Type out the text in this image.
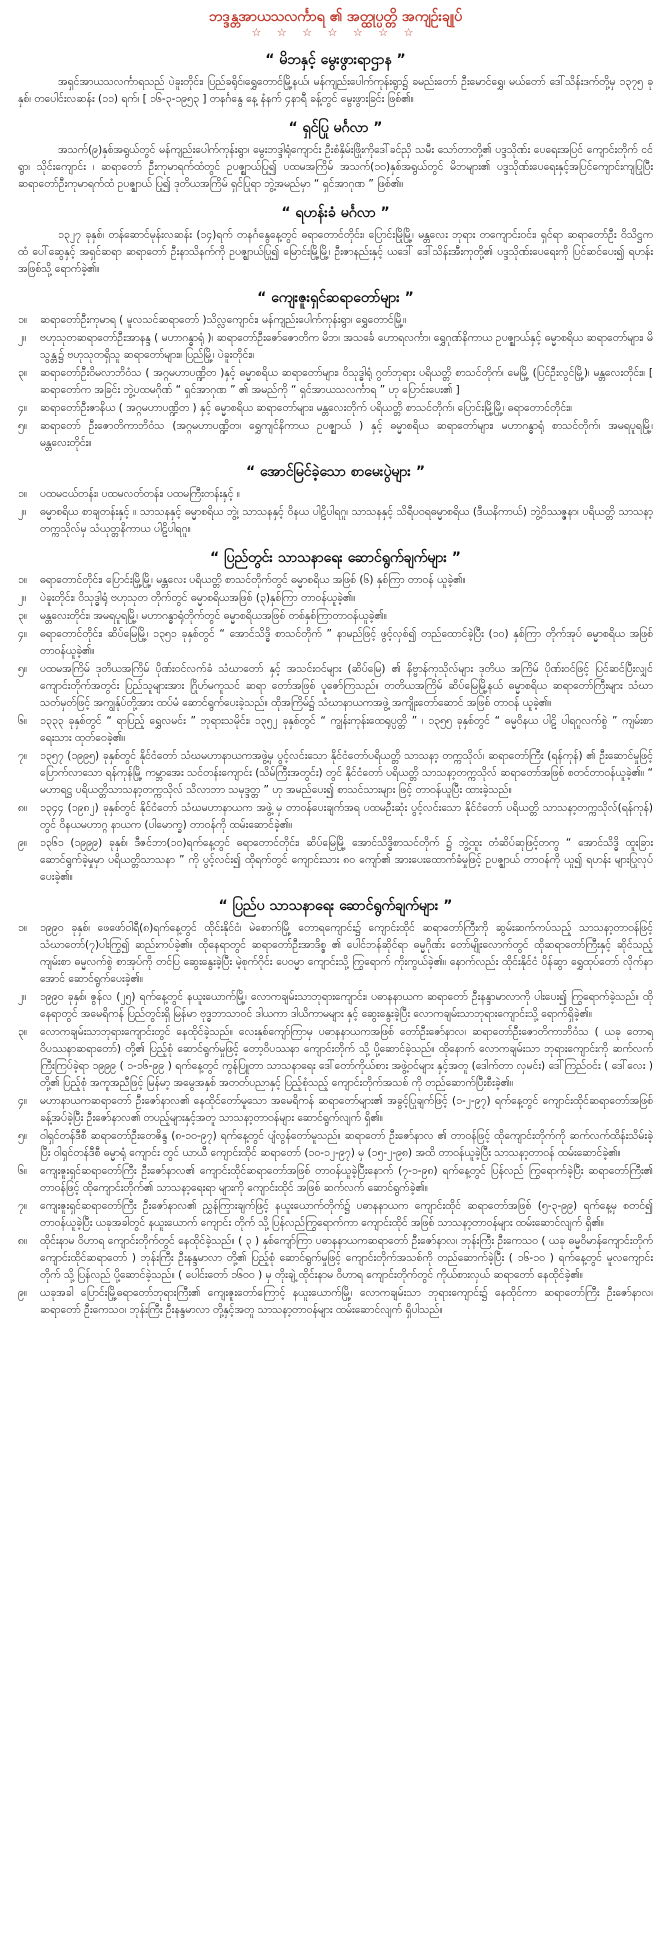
ဘဒ္ဒန္တအာယသလင်္ကာရ ၏ အတ္ထုပ္ပတ္တိ အကျဉ်းချုပ်
☆ ☆ ☆ ☆ ☆ ☆ ☆
“ မိဘနှင့် မွေးဖွားရာဌာန ”

အရှင်အာယသလင်္ကာရသည် ပဲခူးတိုင်း၊ ပြည်ခရိုင်၊ရွှေတောင်မြို့နယ်၊ မန်ကျည်းပေါက်ကုန်းရွာ၌ ခမည်းတော် ဦးမောင်ရွှေ၊ မယ်တော် ဒေါ်သိန်းဒက်တို့မှ ၁၃၇၅ ခုနှစ်၊ တပေါင်းလဆန်း (၁၁) ရက်၊ [ ၁၆-၃-၁၉၅၃ ] တနင်္ဂနွေ နေ့ နံနက် ၄နာရီ ခန့်တွင် မွေးဖွားခြင်း ဖြစ်၏။

“ ရှင်ပြု မင်္ဂလာ ”

အသက်(၉)နှစ်အရွယ်တွင် မန်ကျည်းပေါက်ကုန်းရွာ၊ မွေးဘဒ္ဒါရုံကျောင်း ဦးစံနှိမ်းဖြိုးကိုဒေါ်ခင်ညှိ သမီး သော်တာတို့၏ ပဒ္ဒသိုဏ်း ပေရေးအပြင် ကျောင်းတိုက် ငင်ရွာ၊ သိုင်းကျောင်း ၊ ဆရာတော် ဦးကုမာရက်ထံတွင် ဥပဇ္ဈာယ်ပြု၍ ပထမအကြိမ် အသက်(၁၀)နှစ်အရွယ်တွင် မိဘများ၏ ပဒ္ဒသိုဏ်းပေရေးနှင့်အပြင်ကျောင်းကျပြုပြီး ဆရာတော်ဦးကုမာရက်ထံ ဥပဇ္ဈာယ် ပြု၍ ဒုတိယအကြိမ် ရှင်ပြုရာ ဘွဲ့အမည်မှာ “ ရှင်အာဂုဏ ” ဖြစ်၏။

“ ရဟန်းခံ မင်္ဂလာ ”

၁၃၂၇ ခုနှစ်၊ တန်ဆောင်မုန်းလဆန်း (၁၄)ရက် တနင်္ဂနွေနေ့တွင် ဓရာတောင်တိုင်း၊ ပြောင်းမြိုမြို့၊ မန္တလေး ဘုရား တကျောင်းဝင်း၊ ရှင်ရာ ဆရာတော်ဦး ဝိသိဋ္ဌက ထံ ပေါ်ဆွေနှင့် အရှင်ဆရာ ဆရာတော် ဦးနာသိနက်ကို ဥပဇ္ဈာယ်ပြု၍ မြောင်းမြို့မြို့၊ ဦးဇာနည်းနှင့် ယဒေါ် ဒေါ်သိန်းအီးကုတို့၏ ပဒ္ဒသိုဏ်းပေရေးကို ပြင်ဆင်ပေး၍ ရဟန်းအဖြစ်သို့ ရောက်ခဲ့၏။

“ ကျေးဇူးရှင်ဆရာတော်များ ”
၁။	ဆရာတော်ဦးကုမာရ ( မူလသင်ဆရာတော် )သိလ္လကျောင်း၊ မန်ကျည်းပေါက်ကုန်းရွာ၊ ရွှေတောင်မြို့။
၂။	ဗဟုသုတဆရာတော်ဦးအာနန္ဒ ( မဟာဂန္ဓာရုံ )၊ ဆရာတော်ဦးဇော်ဇောတိက မိဘ၊ အသင်္ခေ ဟောရလင်္ကာ၊ ရွှေဂုဏ်နိကာယ ဥပဇ္ဈာယ်နှင့် ဓမ္မာစရိယ ဆရာတော်များ၊ မိသွန္တ၌ ဗဟုသုတရှိသူ ဆရာတော်များ။ ပြည်မြို့၊ ပဲခူးတိုင်း။
၃။	ဆရာတော်ဦးဝိမလာဘိဝံသ ( အဂ္ဂမဟာပဏ္ဍိတ )နှင့် ဓမ္မာစရိယ ဆရာတော်များ၊ ဝိသုဒ္ဓါရုံ ဂွတ်ဘုရား ပရိယတ္တိ စာသင်တိုက်၊ မေမြို့ (ပြင်ဦးလွင်မြို့)၊ မန္တလေးတိုင်း။ [ ဆရာတော်က အခြင်း ဘွဲ့ပထမဂိုဏ် “ ရှင်အာဂုဏ ” ၏ အမည်ကို “ ရှင်အာယသလင်္ကာရ ” ဟု ပြောင်းပေး၏ ]
၄။	ဆရာတော်ဦးဇာနိယ ( အဂ္ဂမဟာပဏ္ဍိတ ) နှင့် ဓမ္မာစရိယ ဆရာတော်များ၊ မန္တလေးတိုက် ပရိယတ္တိ စာသင်တိုက်၊ ပြောင်းမြို့မြို့၊ ဓရာတောင်တိုင်း။
၅။	ဆရာတော် ဦးဇောတိကာဘိဝံသ (အဂ္ဂမဟာပဏ္ဍိတ၊ ရွှေကျင်နိကာယ ဥပဇ္ဈာယ် ) နှင့် ဓမ္မာစရိယ ဆရာတော်များ၊ မဟာဂန္ဓာရုံ စာသင်တိုက်၊ အမရပူရမြို့၊ မန္တလေးတိုင်း။
“ အောင်မြင်ခဲ့သော စာမေးပွဲများ ”
၁။	ပထမငယ်တန်း၊ ပထမလတ်တန်း၊ ပထမကြီးတန်းနှင့် ။
၂။	ဓမ္မာစရိယ စာချတန်းနှင့် ။ သာသနနှင့် ဓမ္မာစရိယ ဘွဲ့၊ သာသနနှင့် ဝိနယ ပါဠိပါရဂူ၊ သာသနနှင့် သိရီပဝရဓမ္မာစရိယ (ဒီယနိကာယ်) ဘွဲ့ဝိဿဇ္ဇနာ၊ ပရိယတ္တိ သာသနာ့တက္ကသိုလ်မှ သံယုတ္တနိကာယ ပါဠိပါရဂူ။
“ ပြည်တွင်း သာသနာရေး ဆောင်ရွက်ချက်များ ”
၁။	ဓရာတောင်တိုင်း၊ ပြောင်းမြို့မြို့၊ မန္တလေး ပရိယတ္တိ စာသင်တိုက်တွင် ဓမ္မာစရိယ အဖြစ် (၆) နှစ်ကြာ တာဝန် ယူခဲ့၏။
၂။	ပဲခူးတိုင်း၊ ဝိသုဒ္ဓါရုံ ဗဟုသုတ တိုက်တွင် ဓမ္မာစရိယအဖြစ် (၃)နှစ်ကြာ တာဝန်ယူခဲ့၏။
၃။	မန္တလေးတိုင်း၊ အမရပူရမြို့၊ မဟာဂန္ဓာရုံတိုက်တွင် ဓမ္မာစရိယအဖြစ် တစ်နှစ်ကြာတာဝန်ယူခဲ့၏။
၄။	ဓရာတောင်တိုင်း၊ ဆိပ်မြေမြို့၊ ၁၃၅၁ ခုနှစ်တွင် “ အောင်သိဒ္ဓိ စာသင်တိုက် ” နာမည်ဖြင့် ဖွင့်လှစ်၍ တည်ထောင်ခဲ့ပြီး (၁၀) နှစ်ကြာ တိုက်အုပ် ဓမ္မာစရိယ အဖြစ် တာဝန်ယူခဲ့၏။
၅။	ပထမအကြိမ် ဒုတိယအကြိမ် ပိုဏ်းဝင်လက်ခံ သံဃာတော် နှင့် အသင်းဝင်များ (ဆိပ်မြေ) ၏ နိဗ္ဗာန်ကုသိုလ်များ ဒုတိယ အကြိမ် ပိုဏ်းဝင်ဖြင့် ပြင်ဆင်ပြီးလျှင် ကျောင်းတိုက်အတွင်း ပြည်သူများအား ဂြိုဟ်မကူသင် ဆရာ တော်အဖြစ် ပူဇော်ကြသည်။ တတိယအကြိမ် ဆိပ်မြေမြို့နယ် ဓမ္မာစရိယ ဆရာတော်ကြီးများ သံဃာ သတ်မှတ်ဖြင့် အကျွန်ုပ်တို့အား ထပ်မံ ဆောင်ရွက်ပေးခဲ့သည်။ ထိုအကြိမ်၌ သံဃာနာယကအဖွဲ့ အကျိုးတော်ဆောင် အဖြစ် တာဝန် ယူခဲ့၏။
၆။	၁၃၃၃ ခုနှစ်တွင် “ ရာပြည့် ရွှေလမင်း ” ဘုရားသမိုင်း၊ ၁၃၅၂ ခုနှစ်တွင် “ ကျွန်းကုန်းထေရုပ္ပတ္တိ ” ၊ ၁၃၅၅ ခုနှစ်တွင် “ ဓမ္မဝိနယ ပါဠိ ပါရဂူလက်စွဲ ” ကျမ်းစာ ရေးသား ထုတ်ဝေခဲ့၏။
၇။	၁၃၅၇ (၁၉၉၅) ခုနှစ်တွင် နိုင်ငံတော် သံဃမဟာနာယကအဖွဲ့မှ ပွင့်လင်းသော နိုင်ငံတော်ပရိယတ္တိ သာသနာ့ တက္ကသိုလ်၊ ဆရာတော်ကြီး (ရန်ကုန်) ၏ ဦးဆောင်မှုဖြင့် ပြောက်လာသော ရန်ကုန်မြို့ ကမ္ဘာအေး သင်တန်းကျောင်း (သိမ်ကြီးအတွင်း) တွင် နိုင်ငံတော် ပရိယတ္တိ သာသနာ့တက္ကသိုလ် ဆရာတော်အဖြစ် စတင်တာဝန်ယူခဲ့၏။ “ မဟာရဋ္ဌ ပရိယတ္တိသာသနာ့တက္ကသိုလ် သိလာဘာ သမုဒ္ဒတ္တ ” ဟု အမည်ပေး၍ စာသင်သားများ ဖြင့် တာဝန်ယူပြီး ထားခဲ့သည်။
၈။	၁၃၄၄ (၁၉၈၂) ခုနှစ်တွင် နိုင်ငံတော် သံဃမဟာနာယက အဖွဲ့ မှ တာဝန်ပေးချက်အရ ပထမဦးဆုံး ပွင့်လင်းသော နိုင်ငံတော် ပရိယတ္တိ သာသနာ့တက္ကသိုလ်(ရန်ကုန်) တွင် ဝိနယမဟာဂ္ဂ နာယက (ပါမောက္ခ) တာဝန်ကို ထမ်းဆောင်ခဲ့၏။
၉။	၁၃၆၁ (၁၉၉၉) ခုနှစ်၊ ဒီဇင်ဘာ(၁၀)ရက်နေ့တွင် ဓရာတောင်တိုင်း၊ ဆိပ်မြေမြို့ အောင်သိဒ္ဓိစာသင်တိုက် ၌ ဘွဲ့ထူး တံဆိပ်ဆုဖြင့်တကွ “ အောင်သိဒ္ဓိ ထူးခြားဆောင်ရွက်ခဲ့မှုမှာ ပရိယတ္တိသာသနာ ” ကို ပွင့်လင်း၍ ထိုရက်တွင် ကျောင်းသား ၈၀ ကျော်၏ အားပေးထောက်ခံမှုဖြင့် ဥပဇ္ဈာယ် တာဝန်ကို ယူ၍ ရဟန်း များပြုလုပ်ပေးခဲ့၏။
“ ပြည်ပ သာသနာရေး ဆောင်ရွက်ချက်များ ”
၁။	၁၉၉၀ ခုနှစ်၊ ဖေဖော်ဝါရီ(၈)ရက်နေ့တွင် ထိုင်းနိုင်ငံ၊ မဲစောက်မြို့ တောရကျောင်း၌ ကျောင်းထိုင် ဆရာတော်ကြီးကို ဆွမ်းဆက်ကပ်သည့် သာသနာ့တာဝန်ဖြင့် သံဃာတော်(၇)ပါးကြွ၍ ဆည်းကပ်ခဲ့၏။ ထိုနေရာတွင် ဆရာတော်ဦးအာဒိစ္စ ၏ ပေါင်ဘန်ဆိုင်ရာ ဓမ္မဂိုဏ်း တော်မျိုးလောက်တွင် ထိုဆရာတော်ကြီးနှင့် ဆိုင်သည့် ကျမ်းစာ ဓမ္မလက်စွဲ စာအုပ်ကို တင်ပြ ဆွေးနွေးခဲ့ပြီး မဲ့စုက်ဂိုင်း ပေဝမ္မာ ကျောင်းသို့ ကြွရောက် ကိုးကွယ်ခဲ့၏။ နောက်လည်း ထိုင်းနိုင်ငံ ပိန်ဆွာ ရွှေထုပ်တော် လိုက်နာ အောင် ဆောင်ရွက်ပေးခဲ့၏။
၂။	၁၉၉၀ ခုနှစ်၊ ဇွန်လ (၂၅) ရက်နေ့တွင် နယူးယောက်မြို့၊ လောကချမ်းသာဘုရားကျောင်း၊ ပဓာနနာယက ဆရာတော် ဦးနန္ဒာမာလာကို ပါးပေး၍ ကြွရောက်ခဲ့သည်။ ထိုနေရာတွင် အမေရိကန် ပြည်တွင်းရှိ မြန်မာ ဗုဒ္ဓဘာသာဝင် ဒါယကာ ဒါယိကာမများ နှင့် ဆွေးနွေးခဲ့ပြီး လောကချမ်းသာဘုရားကျောင်းသို့ ရောက်ရှိခဲ့၏။
၃။	လောကချမ်းသာဘုရားကျောင်းတွင် နေထိုင်ခဲ့သည်။ လေးနှစ်ကျော်ကြာမှ ပဓာနနာယကအဖြစ် တော်ဦးဇော်နာလ၊ ဆရာတော်ဦးဇောတိကာဘိဝံသ ( ယခု တောရဝိပဿနာဆရာတော်) တို့၏ ပြည့်စုံ ဆောင်ရွက်မှုဖြင့် တော့ဝိပဿနာ ကျောင်းတိုက် သို့ ပို့ဆောင်ခဲ့သည်။ ထိုနောက် လောကချမ်းသာ ဘုရားကျောင်းကို ဆက်လက်ကြီးကြပ်ခဲ့ရာ ၁၉၉၉ ( ၁-၁၆-၉၉ ) ရက်နေ့တွင် ကွန်ပြူတာ သာသနာရေး ဒေါ်တော်ကိုယ်စား အဖွဲ့ဝင်များ နှင့်အတူ (ဒေါက်တာ လှမင်း) ဒေါ်ကြည်ဝင်း ( ဒေါ်လေး ) တို့၏ ပြည့်စုံ အကူအညီဖြင့် မြန်မာ့ အမွေအနှစ် အတတ်ပညာနှင့် ပြည့်စုံသည့် ကျောင်းတိုက်အသစ် ကို တည်ဆောက်ပြီးစီးခဲ့၏။
၄။	မဟာနာယကဆရာတော် ဦးဇော်နာလ၏ နေထိုင်တော်မူသော အမေရိကန် ဆရာတော်များ၏ အခွင့်ပြုချက်ဖြင့် (၁-၂-၉၇) ရက်နေ့တွင် ကျောင်းထိုင်ဆရာတော်အဖြစ် ခန့်အပ်ခဲ့ပြီး ဦးဇော်နာလ၏ တပည့်များနှင့်အတူ သာသနာ့တာဝန်များ ဆောင်ရွက်လျက် ရှိ၏။
၅။	ဝါရှင်တန်ဒီစီ ဆရာတော်ဦးတေဇိန္ဒ (၈-၁၀-၉၇) ရက်နေ့တွင် ပျံလွန်တော်မူသည်။ ဆရာတော် ဦးဇော်နာလ ၏ တာဝန်ဖြင့် ထိုကျောင်းတိုက်ကို ဆက်လက်ထိန်းသိမ်းခဲ့ပြီး ဝါရှင်တန်ဒီစီ ဓမ္မာရုံ ကျောင်း တွင် ယာယီ ကျောင်းထိုင် ဆရာတော် (၁၀-၁၂-၉၇) မှ (၁၅-၂-၉၈) အထိ တာဝန်ယူခဲ့ပြီး သာသနာ့တာဝန် ထမ်းဆောင်ခဲ့၏။
၆။	ကျေးဇူးရှင်ဆရာတော်ကြီး ဦးဇော်နာလ၏ ကျောင်းထိုင်ဆရာတော်အဖြစ် တာဝန်ယူခဲ့ပြီးနောက် (၇-၁-၉၈) ရက်နေ့တွင် ပြန်လည် ကြွရောက်ခဲ့ပြီး ဆရာတော်ကြီး၏ တာဝန်ဖြင့် ထိုကျောင်းတိုက်၏ သာသနာ့ရေးရာ များကို ကျောင်းထိုင် အဖြစ် ဆက်လက် ဆောင်ရွက်ခဲ့၏။
၇။	ကျေးဇူးရှင်ဆရာတော်ကြီး ဦးဇော်နာလ၏ ညွှန်ကြားချက်ဖြင့် နယူးယောက်တိုက်၌ ပဓာနနာယက ကျောင်းထိုင် ဆရာတော်အဖြစ် (၅-၃-၉၉) ရက်နေ့မှ စတင်၍ တာဝန်ယူခဲ့ပြီး ယခုအခါတွင် နယူးယောက် ကျောင်း တိုက် သို့ ပြန်လည်ကြွရောက်ကာ ကျောင်းထိုင် အဖြစ် သာသနာ့တာဝန်များ ထမ်းဆောင်လျက် ရှိ၏။
၈။	ထိုင်းနာမ ဝိဟာရ ကျောင်းတိုက်တွင် နေထိုင်ခဲ့သည်။ ( ၃ ) နှစ်ကျော်ကြာ ပဓာနနာယကဆရာတော် ဦးဇော်နာလ၊ ဘုန်းကြီး ဦးကေသဝ ( ယခု ဓမ္မဝိမာန်ကျောင်းတိုက် ကျောင်းထိုင်ဆရာတော် ) ဘုန်းကြီး ဦးနန္ဒမာလာ တို့၏ ပြည့်စုံ ဆောင်ရွက်မှုဖြင့် ကျောင်းတိုက်အသစ်ကို တည်ဆောက်ခဲ့ပြီး ( ၁၆-၁၀ ) ရက်နေ့တွင် မူလကျောင်း တိုက် သို့ ပြန်လည် ပို့ဆောင်ခဲ့သည်။ ( ပေါင်းတော် ၁၆၀၀ ) မှ တိုးချဲ့ ထိုင်းနာမ ဝိဟာရ ကျောင်းတိုက်တွင် ကိုယ်စားလှယ် ဆရာတော် နေထိုင်ခဲ့၏။
၉။	ယခုအခါ ပြောင်းမြို့ဓရာတော်ဘုရားကြီး၏ ကျေးဇူးတော်ကြောင့် နယူးယောက်မြို့၊ လောကချမ်းသာ ဘုရားကျောင်း၌ နေထိုင်ကာ ဆရာတော်ကြီး ဦးဇော်နာလ၊ ဆရာတော် ဦးကေသဝ၊ ဘုန်းကြီး ဦးနန္ဒမာလာ တို့နှင့်အတူ သာသနာ့တာဝန်များ ထမ်းဆောင်လျက် ရှိပါသည်။
